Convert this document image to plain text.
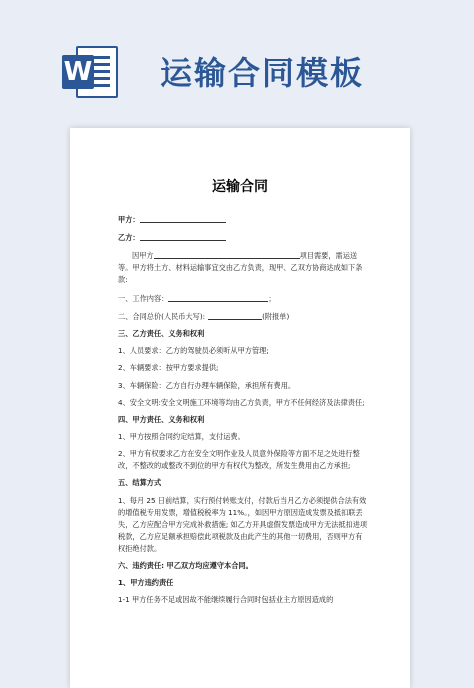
W 运输合同模板
运输合同
甲方：
乙方：
因甲方	项目需要，需运送
等。甲方将土方、材料运输事宜交由乙方负责，现甲、乙双方协商达成如下条
款:
一、工作内容：	；
二、合同总价(人民币大写):	(附报单)
三、乙方责任、义务和权利
1、人员要求：乙方的驾驶员必须听从甲方管理;
2、车辆要求：按甲方要求提供;
3、车辆保险：乙方自行办理车辆保险，承担所有费用。
4、安全文明:安全文明施工环境等均由乙方负责，甲方不任何经济及法律责任;
四、甲方责任、义务和权利
1、甲方按照合同约定结算，支付运费。
2、甲方有权要求乙方在安全文明作业及人员意外保险等方面不足之处进行整
改，不整改的或整改不到位的甲方有权代为整改，所发生费用由乙方承担;
五、结算方式
1、每月 25 日前结算，实行预付转账支付，付款后当月乙方必须提供合法有效
的增值税专用发票，增值税税率为 11%。，如因甲方原因造成发票及抵扣联丢
失，乙方应配合甲方完成补救措施; 如乙方开具虚假发票造成甲方无法抵扣进项
税款，乙方应足额承担赔偿此项税款及由此产生的其他一切费用，否则甲方有
权拒绝付款。
六、违约责任: 甲乙双方均应遵守本合同。
1、甲方违约责任
1-1 甲方任务不足或因故不能继续履行合同时包括业主方原因造成的
